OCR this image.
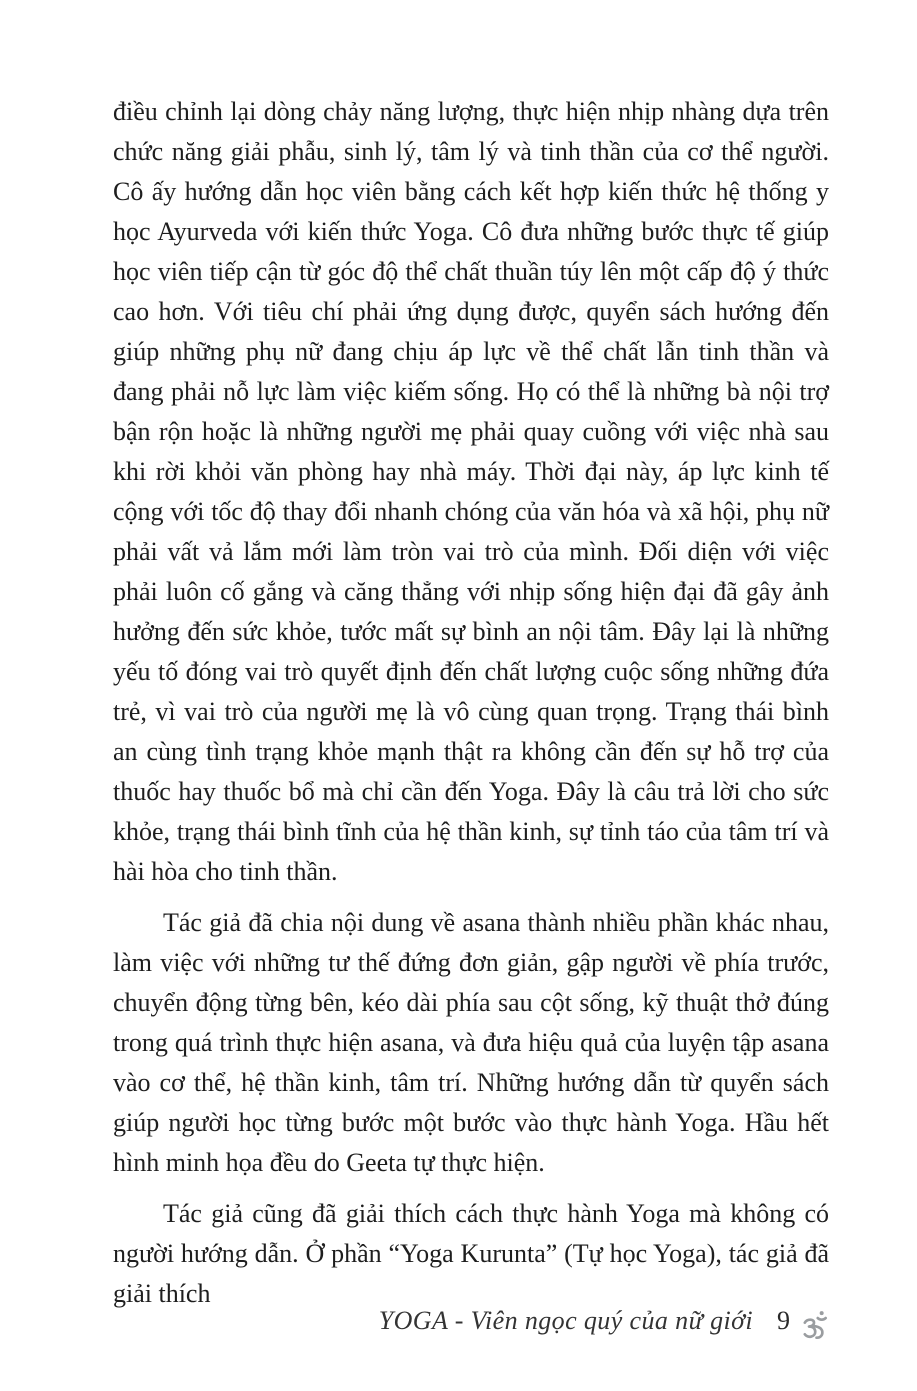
điều chỉnh lại dòng chảy năng lượng, thực hiện nhịp nhàng dựa trên chức năng giải phẫu, sinh lý, tâm lý và tinh thần của cơ thể người. Cô ấy hướng dẫn học viên bằng cách kết hợp kiến thức hệ thống y học Ayurveda với kiến thức Yoga. Cô đưa những bước thực tế giúp học viên tiếp cận từ góc độ thể chất thuần túy lên một cấp độ ý thức cao hơn. Với tiêu chí phải ứng dụng được, quyển sách hướng đến giúp những phụ nữ đang chịu áp lực về thể chất lẫn tinh thần và đang phải nỗ lực làm việc kiếm sống. Họ có thể là những bà nội trợ bận rộn hoặc là những người mẹ phải quay cuồng với việc nhà sau khi rời khỏi văn phòng hay nhà máy. Thời đại này, áp lực kinh tế cộng với tốc độ thay đổi nhanh chóng của văn hóa và xã hội, phụ nữ phải vất vả lắm mới làm tròn vai trò của mình. Đối diện với việc phải luôn cố gắng và căng thẳng với nhịp sống hiện đại đã gây ảnh hưởng đến sức khỏe, tước mất sự bình an nội tâm. Đây lại là những yếu tố đóng vai trò quyết định đến chất lượng cuộc sống những đứa trẻ, vì vai trò của người mẹ là vô cùng quan trọng. Trạng thái bình an cùng tình trạng khỏe mạnh thật ra không cần đến sự hỗ trợ của thuốc hay thuốc bổ mà chỉ cần đến Yoga. Đây là câu trả lời cho sức khỏe, trạng thái bình tĩnh của hệ thần kinh, sự tỉnh táo của tâm trí và hài hòa cho tinh thần.

Tác giả đã chia nội dung về asana thành nhiều phần khác nhau, làm việc với những tư thế đứng đơn giản, gập người về phía trước, chuyển động từng bên, kéo dài phía sau cột sống, kỹ thuật thở đúng trong quá trình thực hiện asana, và đưa hiệu quả của luyện tập asana vào cơ thể, hệ thần kinh, tâm trí. Những hướng dẫn từ quyển sách giúp người học từng bước một bước vào thực hành Yoga. Hầu hết hình minh họa đều do Geeta tự thực hiện.

Tác giả cũng đã giải thích cách thực hành Yoga mà không có người hướng dẫn. Ở phần “Yoga Kurunta” (Tự học Yoga), tác giả đã giải thích

YOGA - Viên ngọc quý của nữ giới 9
